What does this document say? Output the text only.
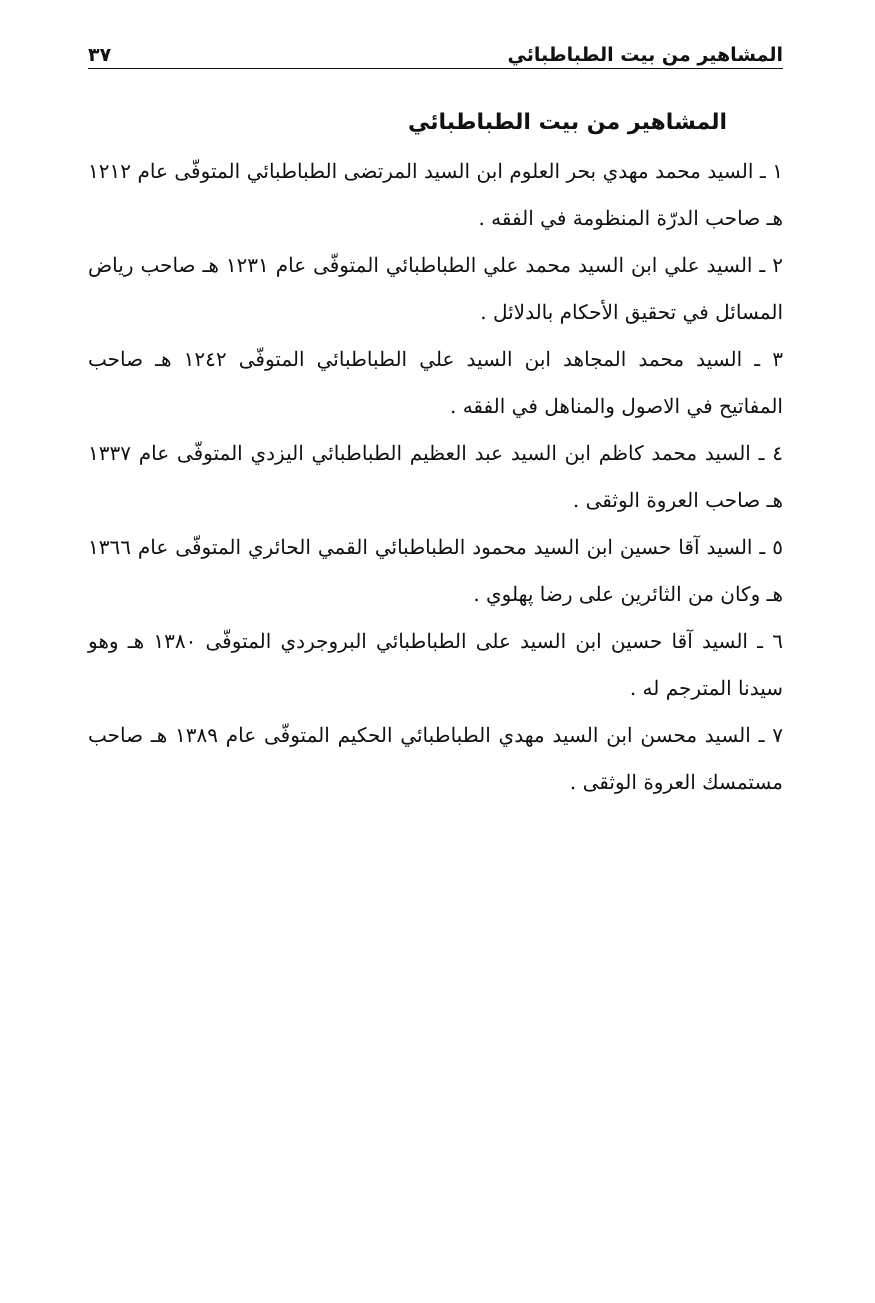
المشاهير من بيت الطباطبائي
٣٧
المشاهير من بيت الطباطبائي

١ ـ السيد محمد مهدي بحر العلوم ابن السيد المرتضى الطباطبائي المتوفّى عام ١٢١٢ هـ صاحب الدرّة المنظومة في الفقه .

٢ ـ السيد علي ابن السيد محمد علي الطباطبائي المتوفّى عام ١٢٣١ هـ صاحب رياض المسائل في تحقيق الأحكام بالدلائل .

٣ ـ السيد محمد المجاهد ابن السيد علي الطباطبائي المتوفّى ١٢٤٢ هـ صاحب المفاتيح في الاصول والمناهل في الفقه .

٤ ـ السيد محمد كاظم ابن السيد عبد العظيم الطباطبائي اليزدي المتوفّى عام ١٣٣٧ هـ صاحب العروة الوثقى .

٥ ـ السيد آقا حسين ابن السيد محمود الطباطبائي القمي الحائري المتوفّى عام ١٣٦٦ هـ وكان من الثائرين على رضا پهلوي .

٦ ـ السيد آقا حسين ابن السيد على الطباطبائي البروجردي المتوفّى ١٣٨٠ هـ وهو سيدنا المترجم له .

٧ ـ السيد محسن ابن السيد مهدي الطباطبائي الحكيم المتوفّى عام ١٣٨٩ هـ صاحب مستمسك العروة الوثقى .
